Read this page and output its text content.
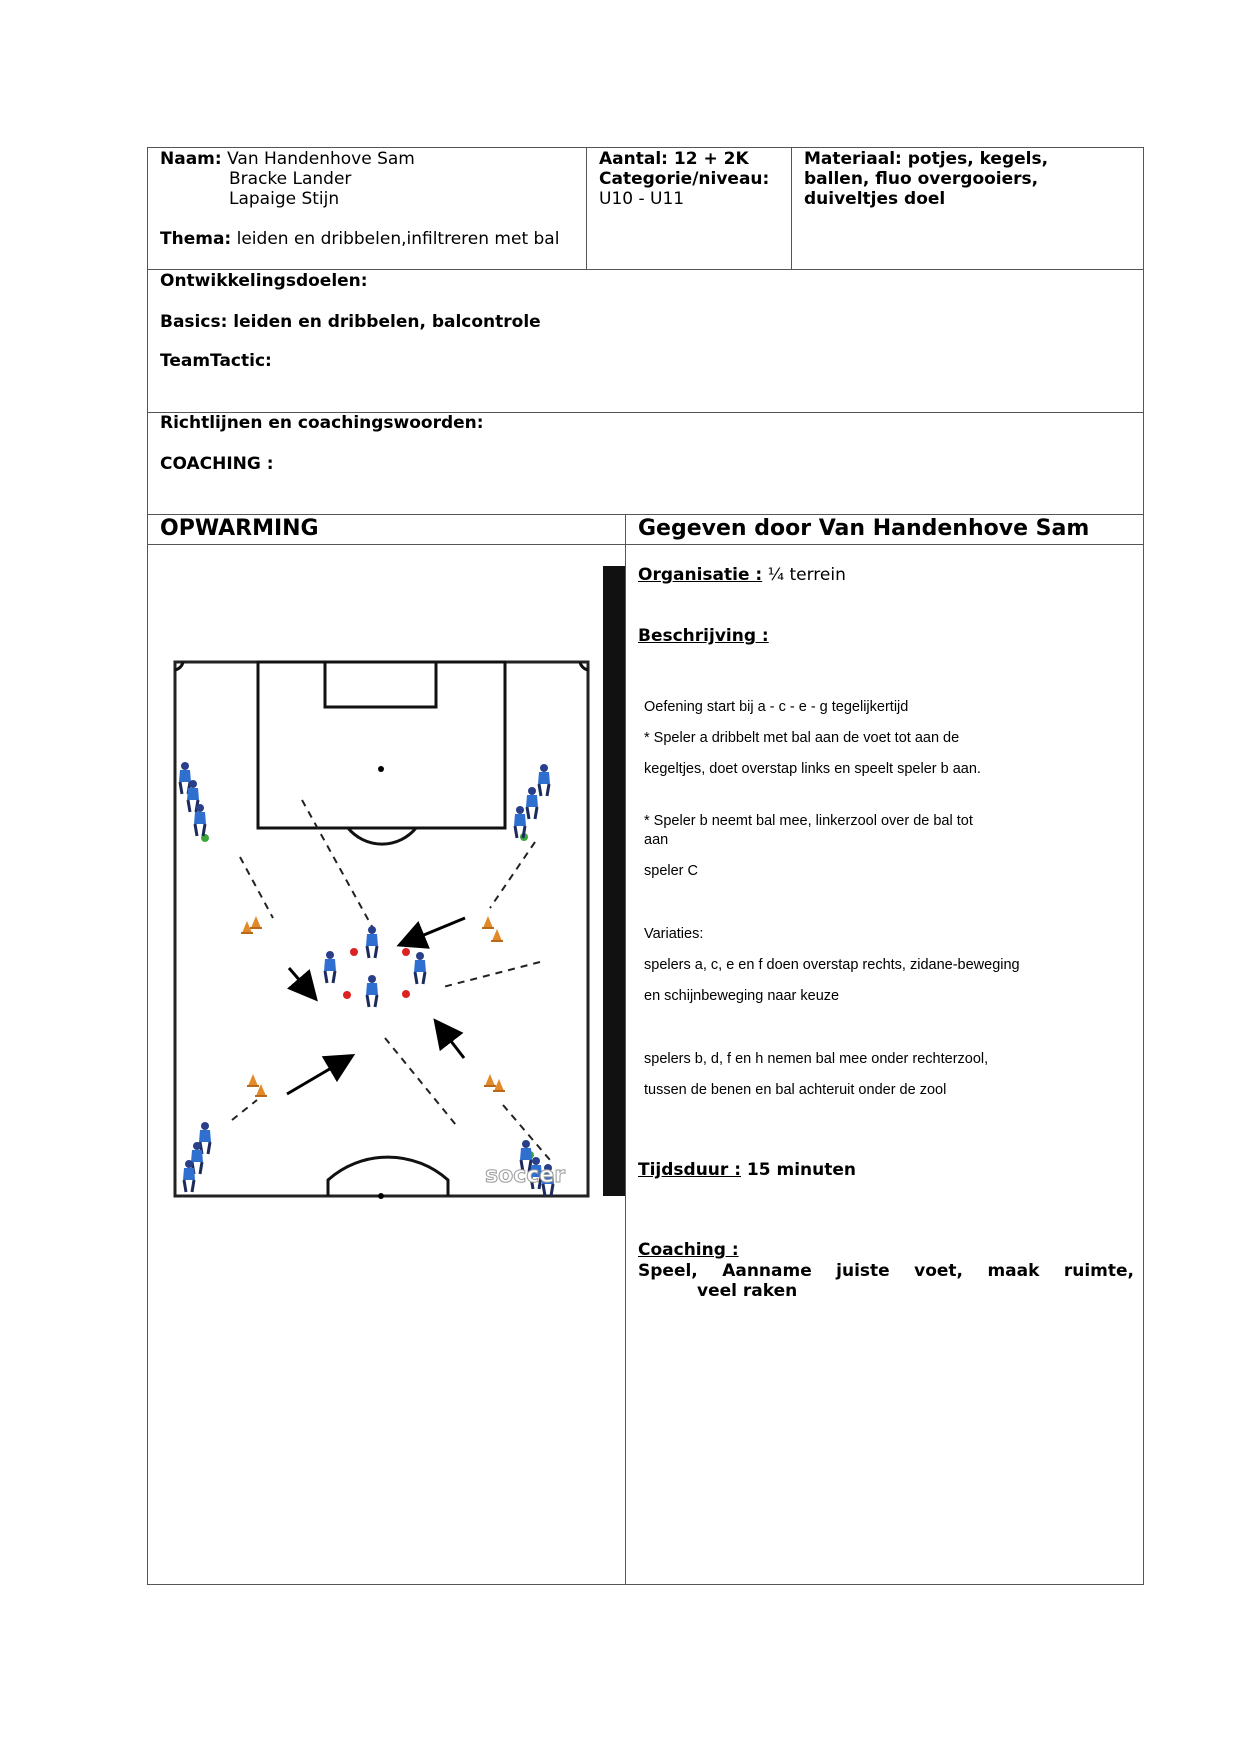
Naam: Van Handenhove Sam
Bracke Lander
Lapaige Stijn
Thema: leiden en dribbelen,infiltreren met bal
Aantal: 12 + 2K
Categorie/niveau:
U10 - U11
Materiaal: potjes, kegels, ballen, fluo overgooiers, duiveltjes doel
Ontwikkelingsdoelen:
Basics: leiden en dribbelen, balcontrole
TeamTactic:
Richtlijnen en coachingswoorden:
COACHING :
OPWARMING	Gegeven door Van Handenhove Sam
soccer
Organisatie : ¼ terrein
Beschrijving :
Oefening start bij a - c - e - g tegelijkertijd
* Speler a dribbelt met bal aan de voet tot aan de
kegeltjes, doet overstap links en speelt speler b aan.
* Speler b neemt bal mee, linkerzool over de bal tot
aan
speler C
Variaties:
spelers a, c, e en f doen overstap rechts, zidane-beweging
en schijnbeweging naar keuze
spelers b, d, f en h nemen bal mee onder rechterzool,
tussen de benen en bal achteruit onder de zool
Tijdsduur : 15 minuten
Coaching :
Speel, Aanname juiste voet, maak ruimte,
veel raken
